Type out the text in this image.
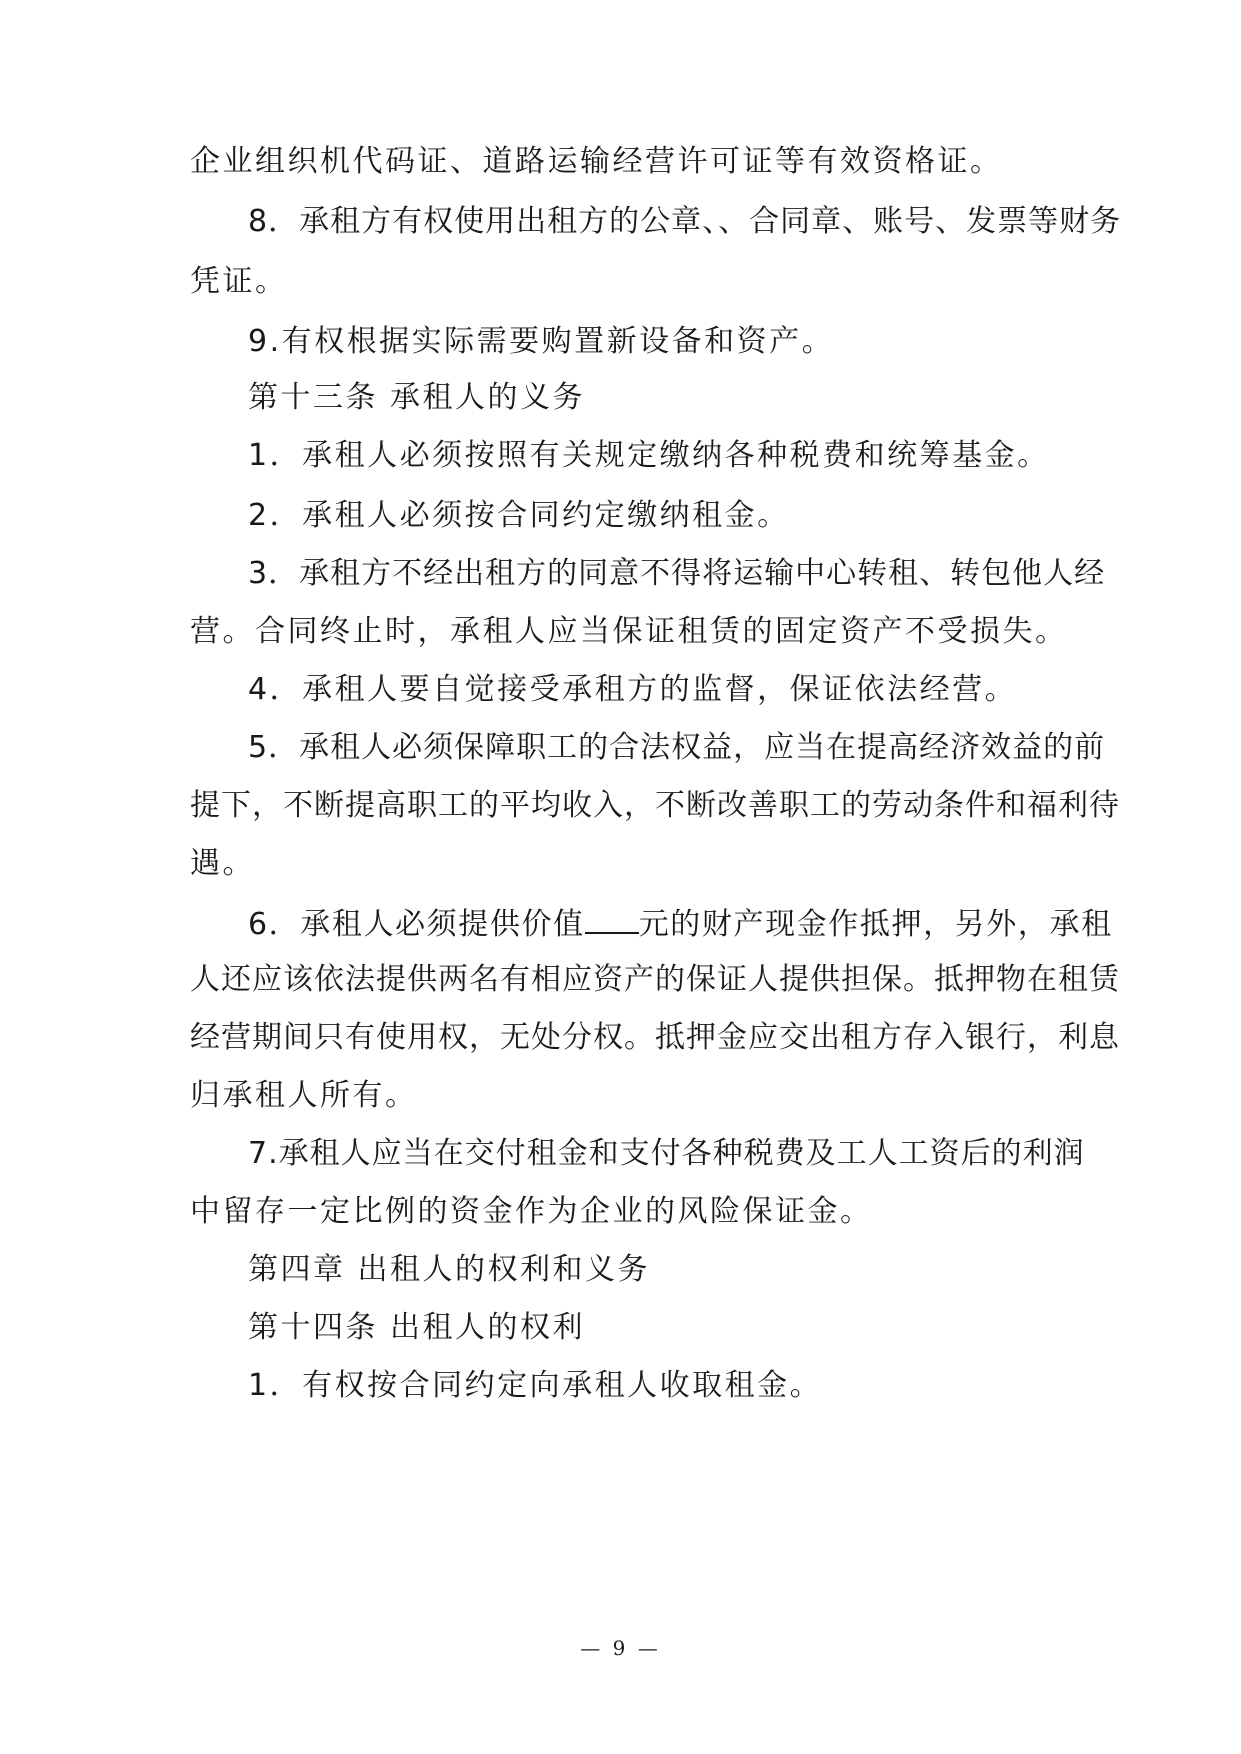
企业组织机代码证、道路运输经营许可证等有效资格证。
8．承租方有权使用出租方的公章、、合同章、账号、发票等财务
凭证。
9.有权根据实际需要购置新设备和资产。
第十三条 承租人的义务
1．承租人必须按照有关规定缴纳各种税费和统筹基金。
2．承租人必须按合同约定缴纳租金。
3．承租方不经出租方的同意不得将运输中心转租、转包他人经
营。合同终止时，承租人应当保证租赁的固定资产不受损失。
4．承租人要自觉接受承租方的监督，保证依法经营。
5．承租人必须保障职工的合法权益，应当在提高经济效益的前
提下，不断提高职工的平均收入，不断改善职工的劳动条件和福利待
遇。
6．承租人必须提供价值 元的财产现金作抵押，另外，承租
人还应该依法提供两名有相应资产的保证人提供担保。抵押物在租赁
经营期间只有使用权，无处分权。抵押金应交出租方存入银行，利息
归承租人所有。
7.承租人应当在交付租金和支付各种税费及工人工资后的利润
中留存一定比例的资金作为企业的风险保证金。
第四章 出租人的权利和义务
第十四条 出租人的权利
1．有权按合同约定向承租人收取租金。
— 9 —
